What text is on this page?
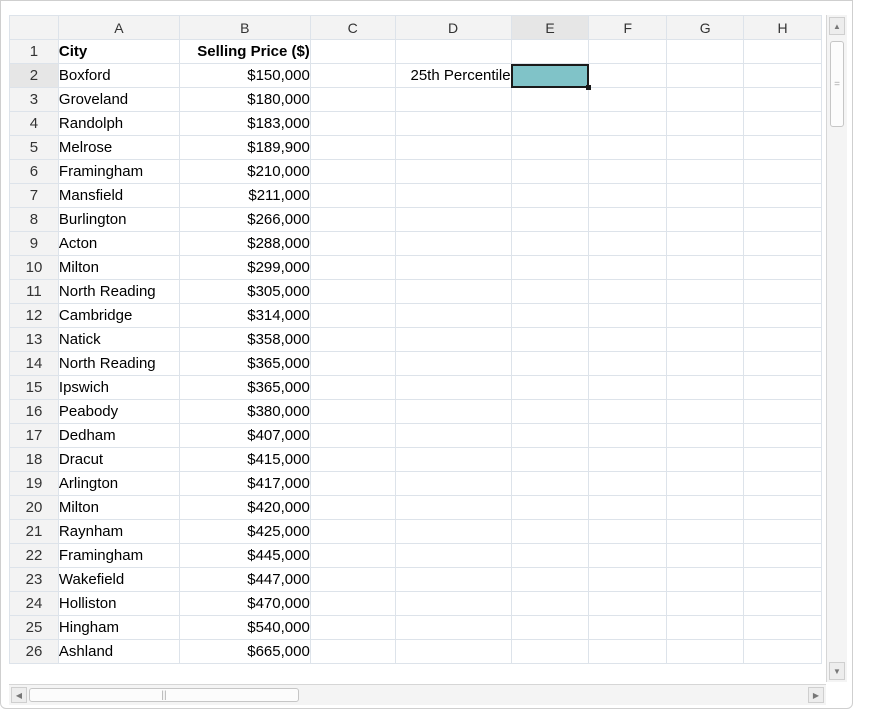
	A	B	C	D	E	F	G	H
1	City	Selling Price ($)						
2	Boxford	$150,000		25th Percentile				
3	Groveland	$180,000						
4	Randolph	$183,000						
5	Melrose	$189,900						
6	Framingham	$210,000						
7	Mansfield	$211,000						
8	Burlington	$266,000						
9	Acton	$288,000						
10	Milton	$299,000						
11	North Reading	$305,000						
12	Cambridge	$314,000						
13	Natick	$358,000						
14	North Reading	$365,000						
15	Ipswich	$365,000						
16	Peabody	$380,000						
17	Dedham	$407,000						
18	Dracut	$415,000						
19	Arlington	$417,000						
20	Milton	$420,000						
21	Raynham	$425,000						
22	Framingham	$445,000						
23	Wakefield	$447,000						
24	Holliston	$470,000						
25	Hingham	$540,000						
26	Ashland	$665,000						
▲
=
▼
◀	||	▶
